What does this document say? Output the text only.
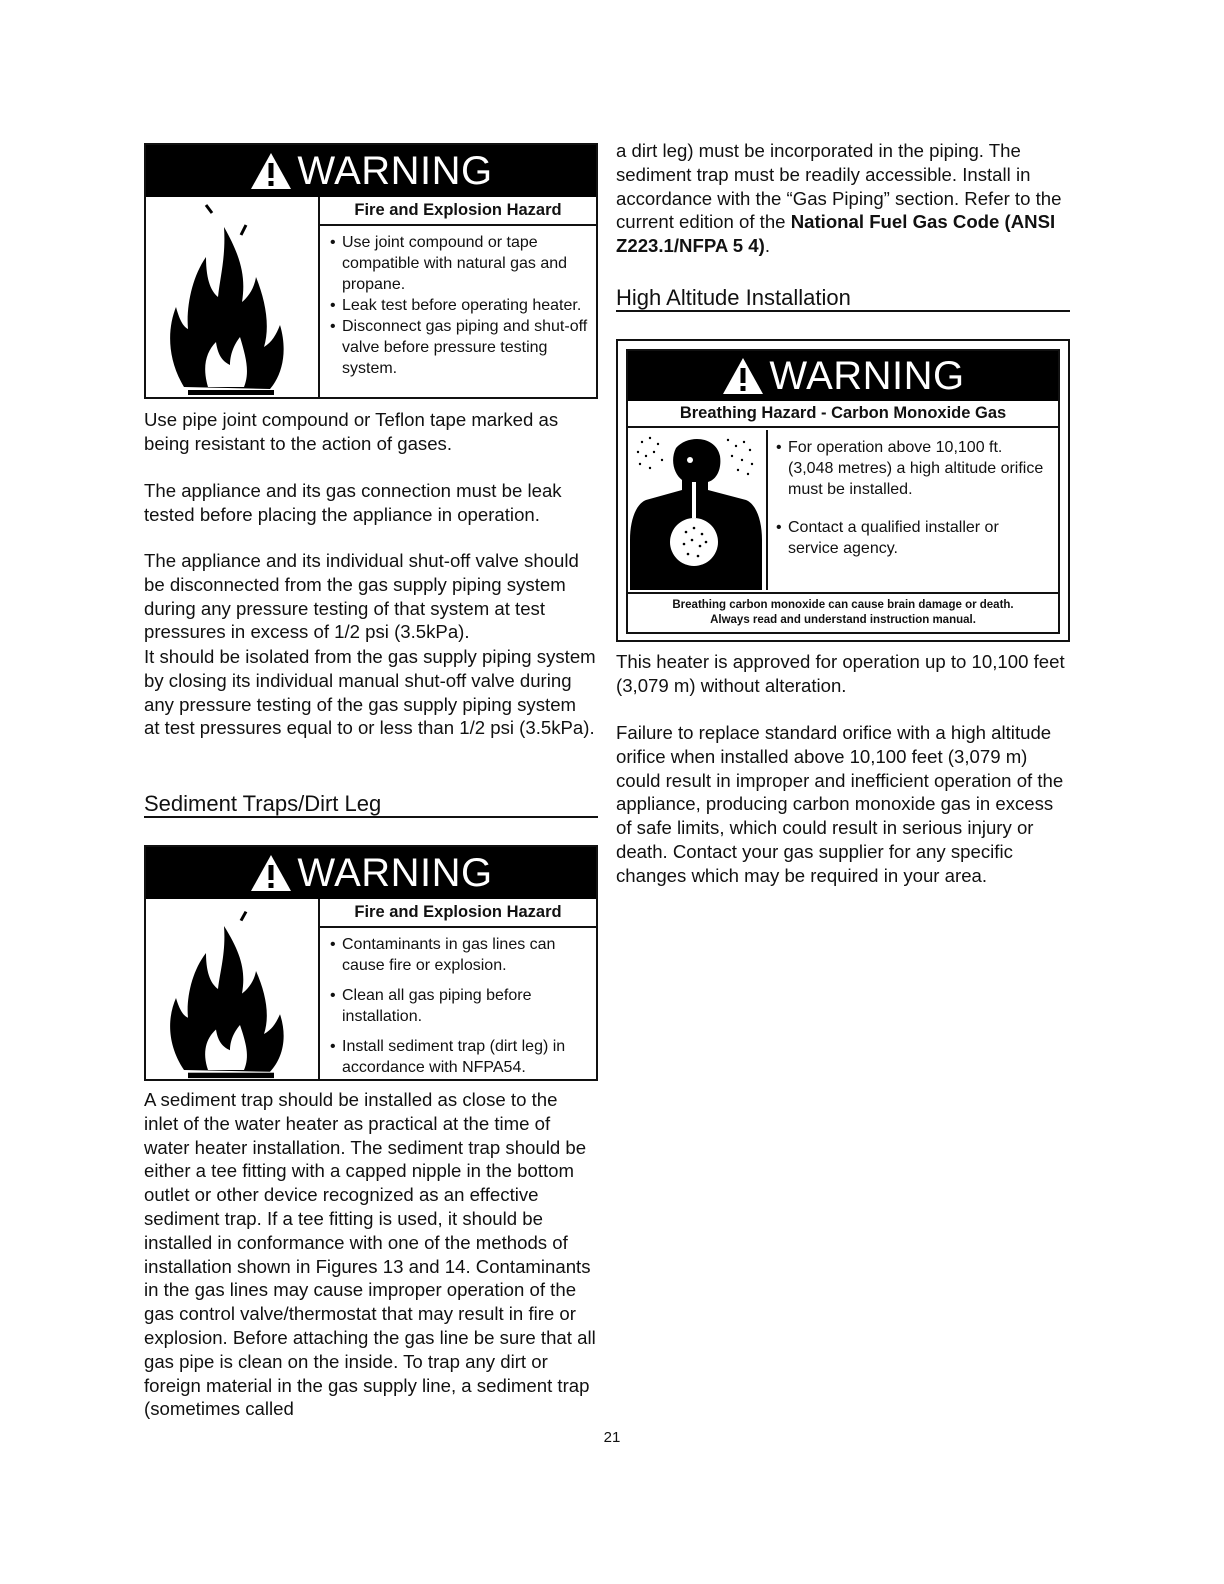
WARNING
Fire and Explosion Hazard
• Use joint compound or tape compatible with natural gas and propane.
• Leak test before operating heater.
• Disconnect gas piping and shut-off valve before pressure testing system.

Use pipe joint compound or Teflon tape marked as being resistant to the action of gases.

The appliance and its gas connection must be leak tested before placing the appliance in operation.

The appliance and its individual shut-off valve should be disconnected from the gas supply piping system during any pressure testing of that system at test pressures in excess of 1/2 psi (3.5kPa).

It should be isolated from the gas supply piping system by closing its individual manual shut-off valve during any pressure testing of the gas supply piping system at test pressures equal to or less than 1/2 psi (3.5kPa).

Sediment Traps/Dirt Leg
WARNING
Fire and Explosion Hazard
• Contaminants in gas lines can cause fire or explosion.
• Clean all gas piping before installation.
• Install sediment trap (dirt leg) in accordance with NFPA54.

A sediment trap should be installed as close to the inlet of the water heater as practical at the time of water heater installation. The sediment trap should be either a tee fitting with a capped nipple in the bottom outlet or other device recognized as an effective sediment trap. If a tee fitting is used, it should be installed in conformance with one of the methods of installation shown in Figures 13 and 14. Contaminants in the gas lines may cause improper operation of the gas control valve/thermostat that may result in fire or explosion. Before attaching the gas line be sure that all gas pipe is clean on the inside. To trap any dirt or foreign material in the gas supply line, a sediment trap (sometimes called

a dirt leg) must be incorporated in the piping. The sediment trap must be readily accessible. Install in accordance with the “Gas Piping” section. Refer to the current edition of the National Fuel Gas Code (ANSI Z223.1/NFPA 5 4).

High Altitude Installation
WARNING
Breathing Hazard - Carbon Monoxide Gas
• For operation above 10,100 ft. (3,048 metres) a high altitude orifice must be installed.
• Contact a qualified installer or service agency.
Breathing carbon monoxide can cause brain damage or death.
Always read and understand instruction manual.

This heater is approved for operation up to 10,100 feet (3,079 m) without alteration.

Failure to replace standard orifice with a high altitude orifice when installed above 10,100 feet (3,079 m) could result in improper and inefficient operation of the appliance, producing carbon monoxide gas in excess of safe limits, which could result in serious injury or death. Contact your gas supplier for any specific changes which may be required in your area.

21
